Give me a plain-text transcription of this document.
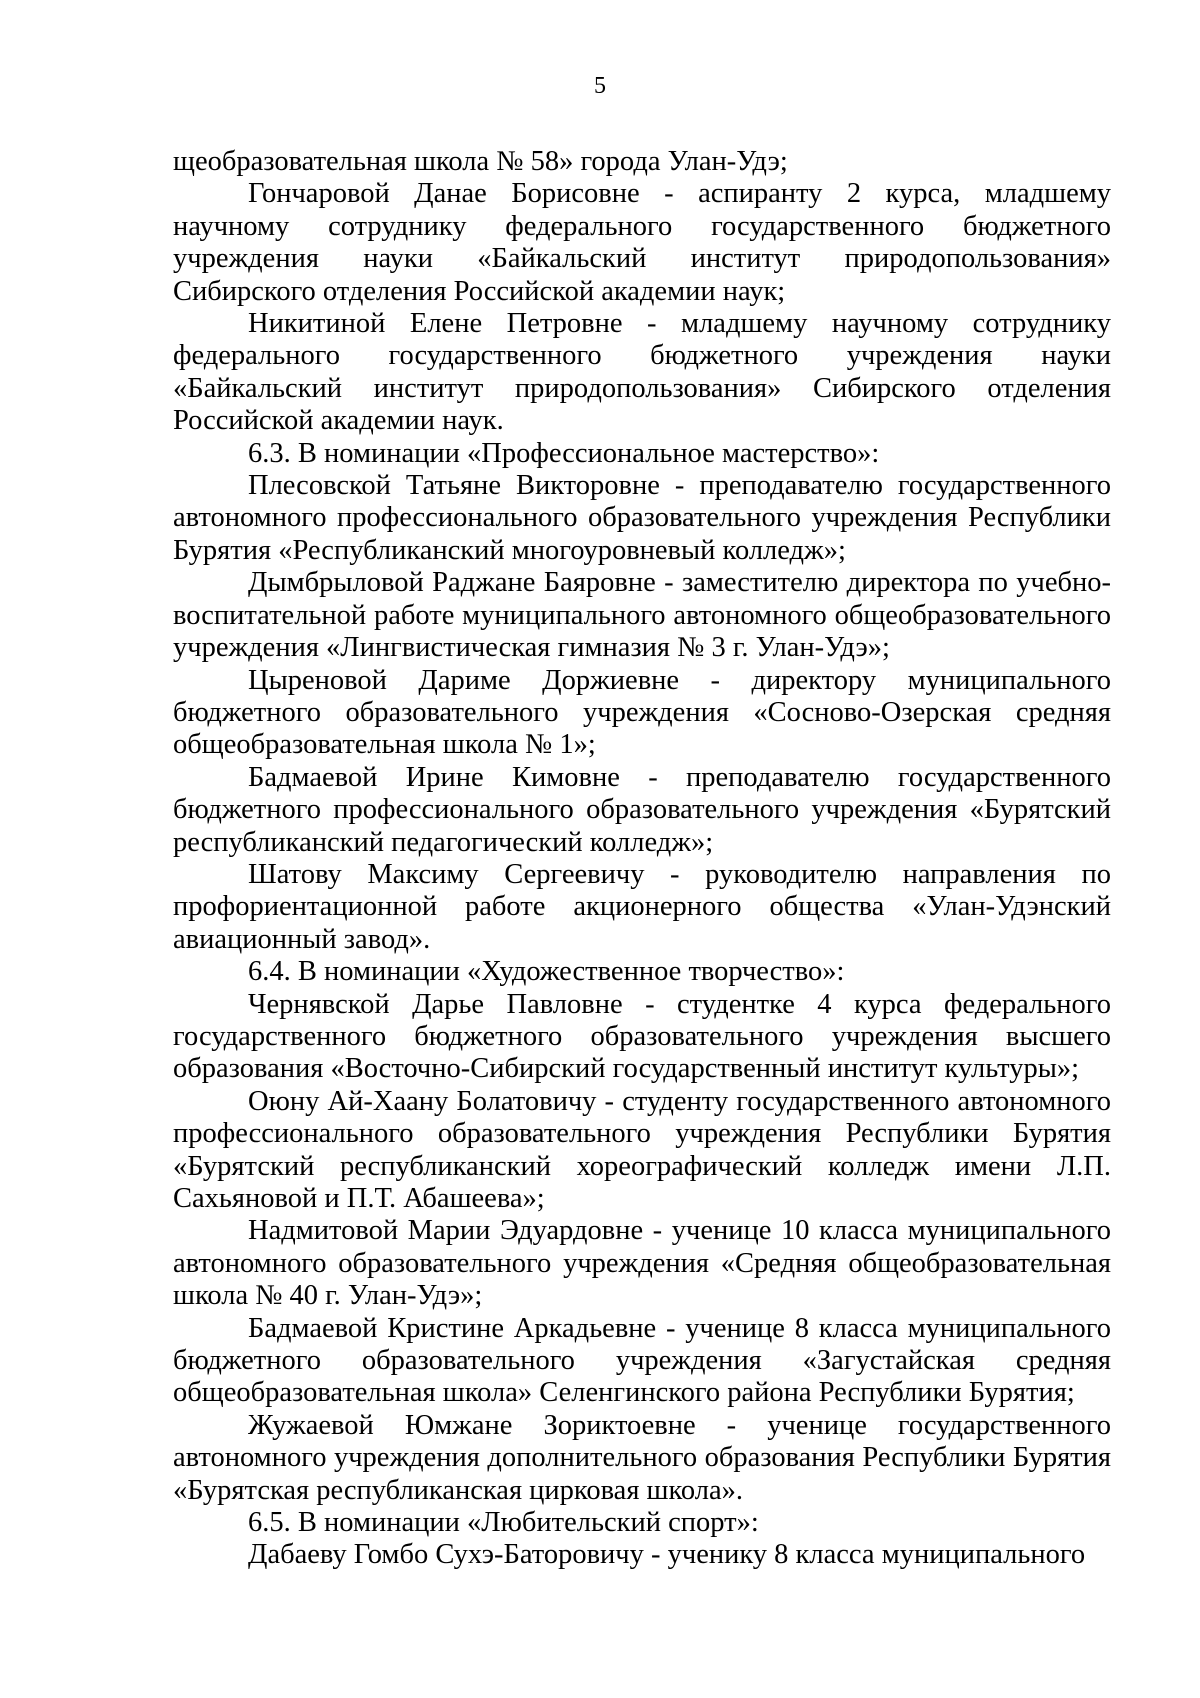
5

щеобразовательная школа № 58» города Улан-Удэ;

Гончаровой Данае Борисовне - аспиранту 2 курса, младшему научному сотруднику федерального государственного бюджетного учреждения науки «Байкальский институт природопользования» Сибирского отделения Российской академии наук;

Никитиной Елене Петровне - младшему научному сотруднику федерального государственного бюджетного учреждения науки «Байкальский институт природопользования» Сибирского отделения Российской академии наук.

6.3. В номинации «Профессиональное мастерство»:

Плесовской Татьяне Викторовне - преподавателю государственного автономного профессионального образовательного учреждения Республики Бурятия «Республиканский многоуровневый колледж»;

Дымбрыловой Раджане Баяровне - заместителю директора по учебно-воспитательной работе муниципального автономного общеобразовательного учреждения «Лингвистическая гимназия № 3 г. Улан-Удэ»;

Цыреновой Дариме Доржиевне - директору муниципального бюджетного образовательного учреждения «Сосново-Озерская средняя общеобразовательная школа № 1»;

Бадмаевой Ирине Кимовне - преподавателю государственного бюджетного профессионального образовательного учреждения «Бурятский республиканский педагогический колледж»;

Шатову Максиму Сергеевичу - руководителю направления по профориентационной работе акционерного общества «Улан-Удэнский авиационный завод».

6.4. В номинации «Художественное творчество»:

Чернявской Дарье Павловне - студентке 4 курса федерального государственного бюджетного образовательного учреждения высшего образования «Восточно-Сибирский государственный институт культуры»;

Оюну Ай-Хаану Болатовичу - студенту государственного автономного профессионального образовательного учреждения Республики Бурятия «Бурятский республиканский хореографический колледж имени Л.П. Сахьяновой и П.Т. Абашеева»;

Надмитовой Марии Эдуардовне - ученице 10 класса муниципального автономного образовательного учреждения «Средняя общеобразовательная школа № 40 г. Улан-Удэ»;

Бадмаевой Кристине Аркадьевне - ученице 8 класса муниципального бюджетного образовательного учреждения «Загустайская средняя общеобразовательная школа» Селенгинского района Республики Бурятия;

Жужаевой Юмжане Зориктоевне - ученице государственного автономного учреждения дополнительного образования Республики Бурятия «Бурятская республиканская цирковая школа».

6.5. В номинации «Любительский спорт»:

Дабаеву Гомбо Сухэ-Баторовичу - ученику 8 класса муниципального
